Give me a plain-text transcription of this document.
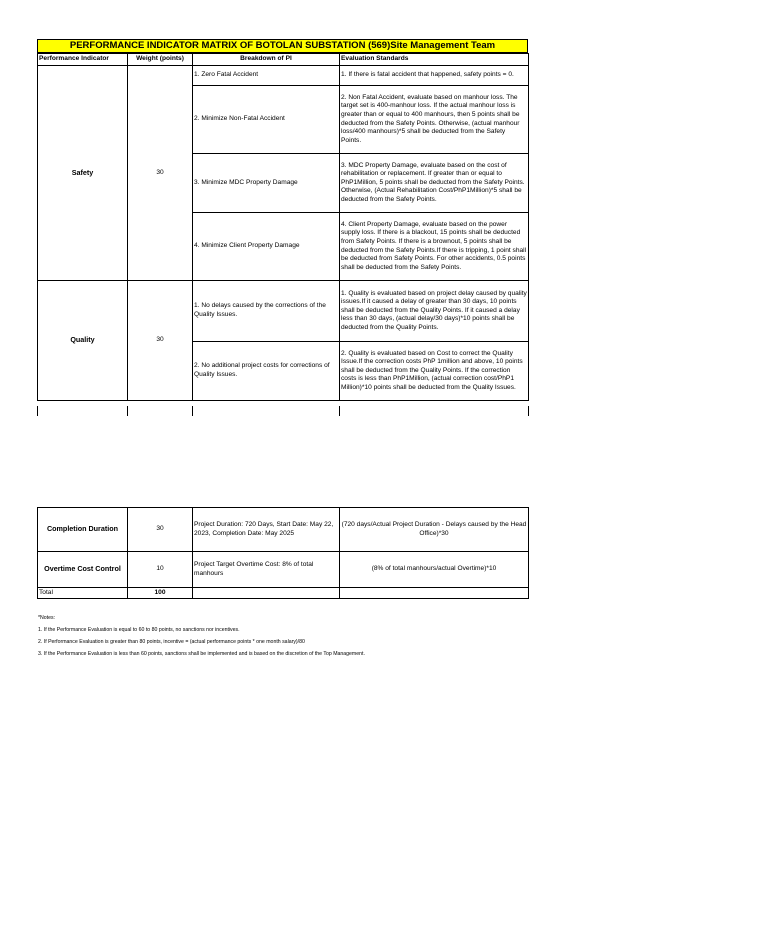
PERFORMANCE INDICATOR MATRIX OF BOTOLAN SUBSTATION (569)Site Management Team
Performance Indicator	Weight (points)	Breakdown of PI	Evaluation Standards
Safety	30	1. Zero Fatal Accident	1. If there is fatal accident that happened, safety points = 0.
		2. Minimize Non-Fatal Accident	2. Non Fatal Accident, evaluate based on manhour loss. The target set is 400-manhour loss. If the actual manhour loss is greater than or equal to 400 manhours, then 5 points shall be deducted from the Safety Points. Otherwise, (actual manhour loss/400 manhours)*5 shall be deducted from the Safety Points.
		3. Minimize MDC Property Damage	3. MDC Property Damage, evaluate based on the cost of rehabilitation or replacement. If greater than or equal to PhP1Million, 5 points shall be deducted from the Safety Points. Otherwise, (Actual Rehabilitation Cost/PhP1Million)*5 shall be deducted from the Safety Points.
		4. Minimize Client Property Damage	4. Client Property Damage, evaluate based on the power supply loss. If there is a blackout, 15 points shall be deducted from Safety Points. If there is a brownout, 5 points shall be deducted from the Safety Points.If there is tripping, 1 point shall be deducted from Safety Points. For other accidents, 0.5 points shall be deducted from the Safety Points.
Quality	30	1. No delays caused by the corrections of the Quality Issues.	1. Quality is evaluated based on project delay caused by quality issues.If it caused a delay of greater than 30 days, 10 points shall be deducted from the Quality Points. If it caused a delay less than 30 days, (actual delay/30 days)*10 points shall be deducted from the Quality Points.
		2. No additional project costs for corrections of Quality Issues.	2. Quality is evaluated based on Cost to correct the Quality Issue.If the correction costs PhP 1million and above, 10 points shall be deducted from the Quality Points. If the correction costs is less than PhP1Million, (actual correction cost/PhP1 Million)*10 points shall be deducted from the Quality Issues.
Completion Duration	30	Project Duration: 720 Days, Start Date: May 22, 2023, Completion Date: May 2025	(720 days/Actual Project Duration - Delays caused by the Head Office)*30
Overtime Cost Control	10	Project Target Overtime Cost: 8% of total manhours	(8% of total manhours/actual Overtime)*10
Total	100		
*Notes:
1. If the Performance Evaluation is equal to 60 to 80 points, no sanctions nor incentives.
2. If Performance Evaluation is greater than 80 points, incentive = (actual performance points * one month salary)/80
3. If the Performance Evaluation is less than 60 points, sanctions shall be implemented and is based on the discretion of the Top Management.
